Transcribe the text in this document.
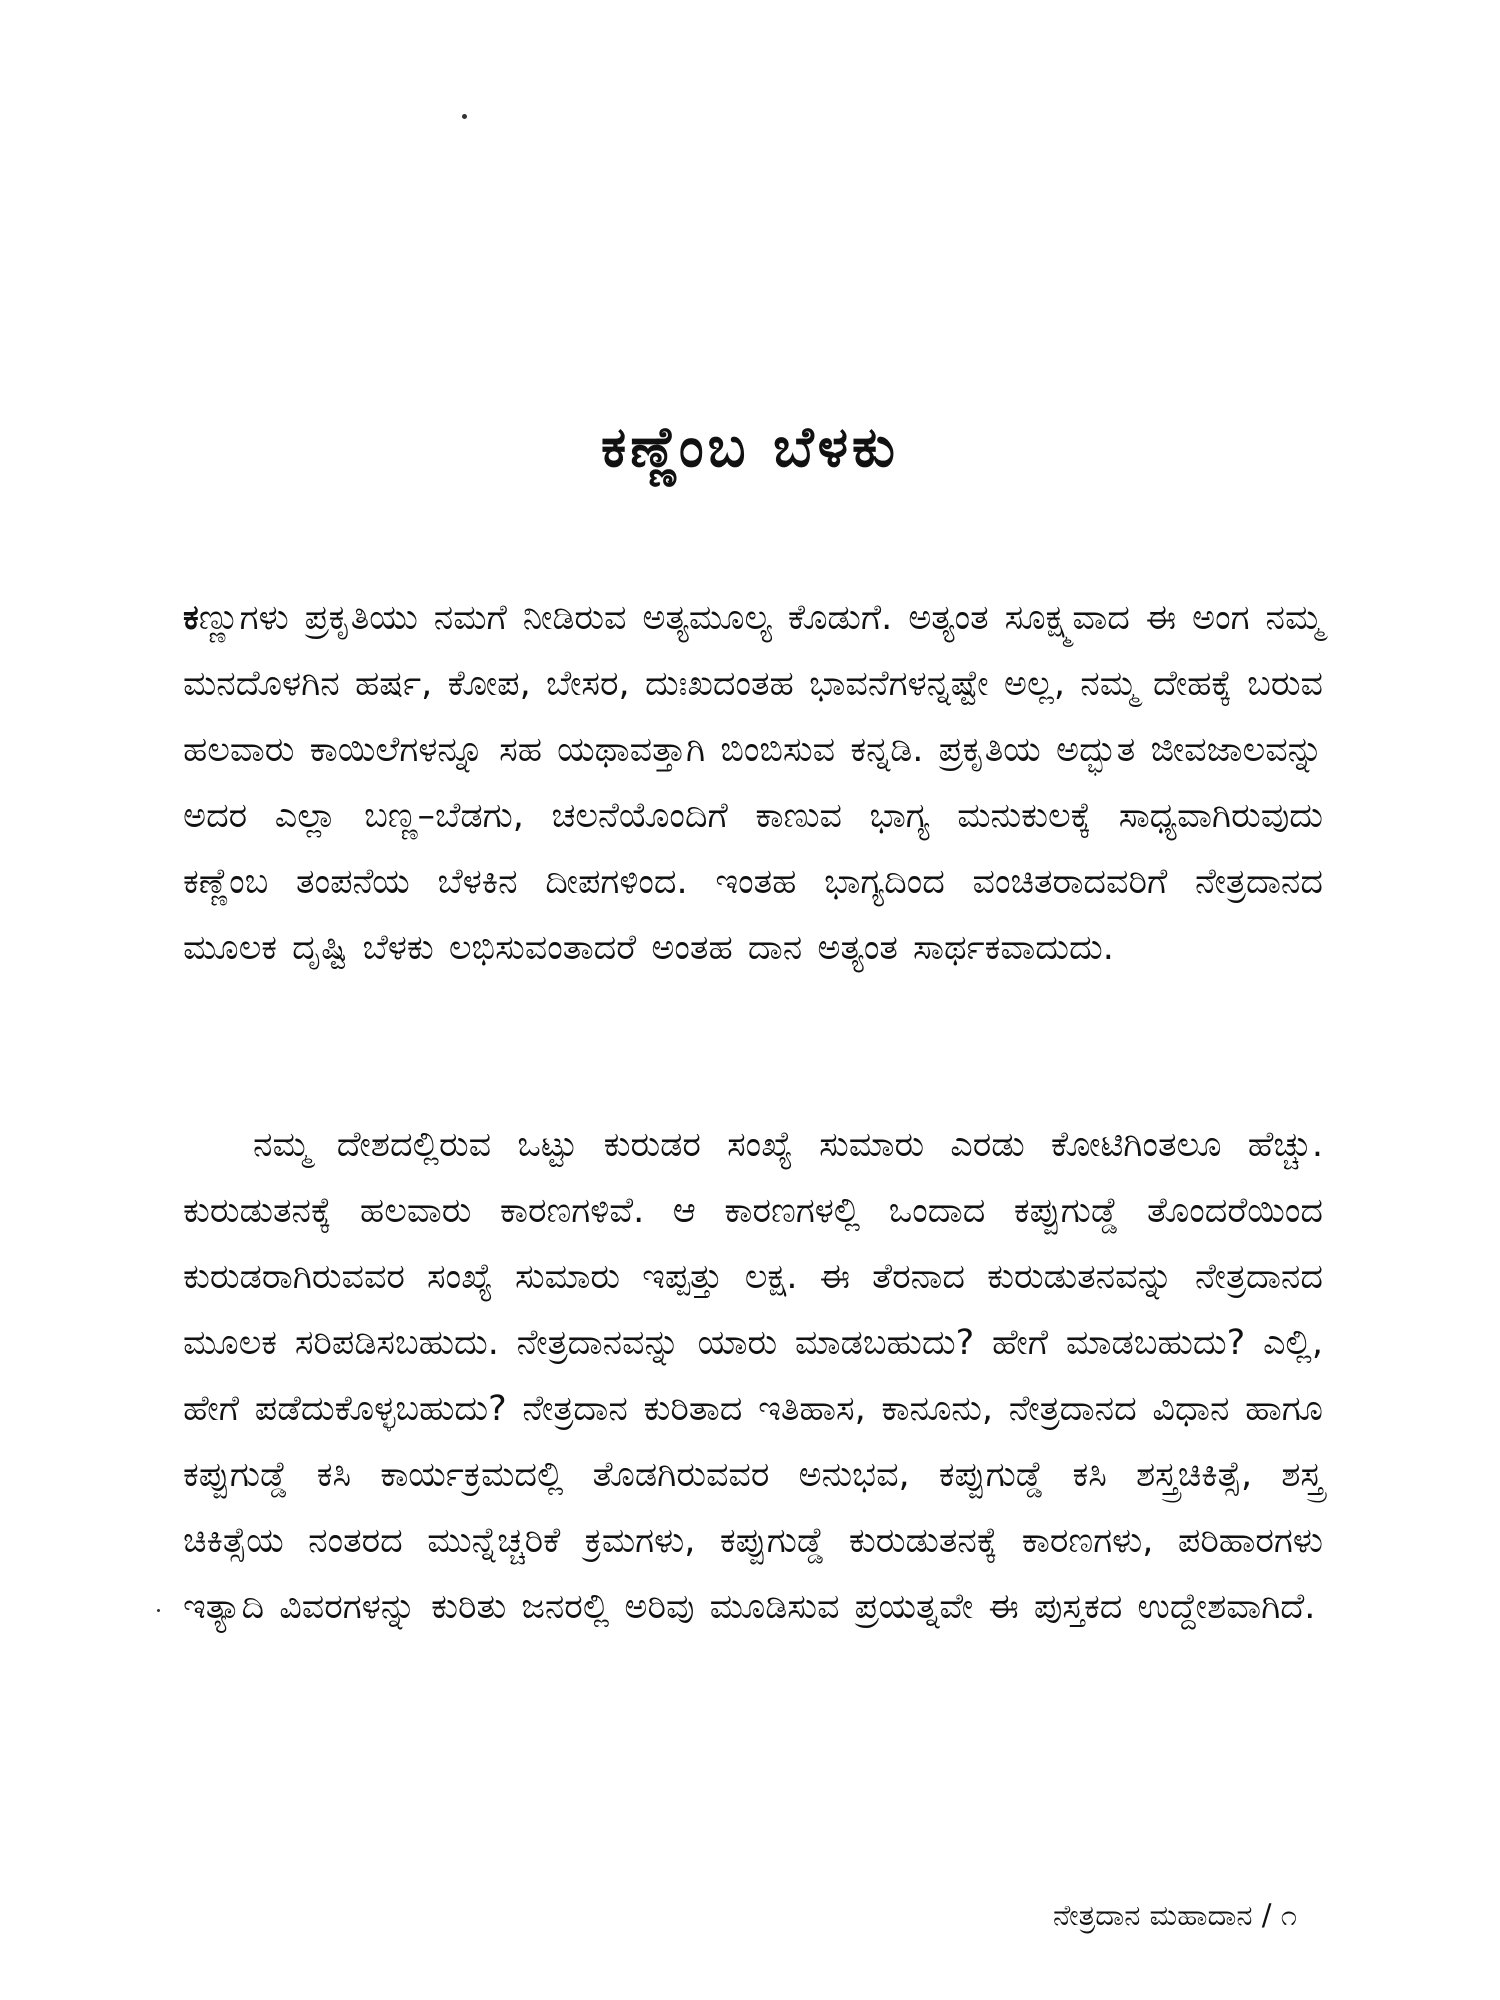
ಕಣ್ಣೆಂಬ ಬೆಳಕು

ಕಣ್ಣುಗಳು ಪ್ರಕೃತಿಯು ನಮಗೆ ನೀಡಿರುವ ಅತ್ಯಮೂಲ್ಯ ಕೊಡುಗೆ. ಅತ್ಯಂತ ಸೂಕ್ಷ್ಮವಾದ ಈ ಅಂಗ ನಮ್ಮ ಮನದೊಳಗಿನ ಹರ್ಷ, ಕೋಪ, ಬೇಸರ, ದುಃಖದಂತಹ ಭಾವನೆಗಳನ್ನಷ್ಟೇ ಅಲ್ಲ, ನಮ್ಮ ದೇಹಕ್ಕೆ ಬರುವ ಹಲವಾರು ಕಾಯಿಲೆಗಳನ್ನೂ ಸಹ ಯಥಾವತ್ತಾಗಿ ಬಿಂಬಿಸುವ ಕನ್ನಡಿ. ಪ್ರಕೃತಿಯ ಅದ್ಭುತ ಜೀವಜಾಲವನ್ನು ಅದರ ಎಲ್ಲಾ ಬಣ್ಣ–ಬೆಡಗು, ಚಲನೆಯೊಂದಿಗೆ ಕಾಣುವ ಭಾಗ್ಯ ಮನುಕುಲಕ್ಕೆ ಸಾಧ್ಯವಾಗಿರುವುದು ಕಣ್ಣೆಂಬ ತಂಪನೆಯ ಬೆಳಕಿನ ದೀಪಗಳಿಂದ. ಇಂತಹ ಭಾಗ್ಯದಿಂದ ವಂಚಿತರಾದವರಿಗೆ ನೇತ್ರದಾನದ ಮೂಲಕ ದೃಷ್ಟಿ ಬೆಳಕು ಲಭಿಸುವಂತಾದರೆ ಅಂತಹ ದಾನ ಅತ್ಯಂತ ಸಾರ್ಥಕವಾದುದು.

ನಮ್ಮ ದೇಶದಲ್ಲಿರುವ ಒಟ್ಟು ಕುರುಡರ ಸಂಖ್ಯೆ ಸುಮಾರು ಎರಡು ಕೋಟಿಗಿಂತಲೂ ಹೆಚ್ಚು. ಕುರುಡುತನಕ್ಕೆ ಹಲವಾರು ಕಾರಣಗಳಿವೆ. ಆ ಕಾರಣಗಳಲ್ಲಿ ಒಂದಾದ ಕಪ್ಪುಗುಡ್ಡೆ ತೊಂದರೆಯಿಂದ ಕುರುಡರಾಗಿರುವವರ ಸಂಖ್ಯೆ ಸುಮಾರು ಇಪ್ಪತ್ತು ಲಕ್ಷ. ಈ ತೆರನಾದ ಕುರುಡುತನವನ್ನು ನೇತ್ರದಾನದ ಮೂಲಕ ಸರಿಪಡಿಸಬಹುದು. ನೇತ್ರದಾನವನ್ನು ಯಾರು ಮಾಡಬಹುದು? ಹೇಗೆ ಮಾಡಬಹುದು? ಎಲ್ಲಿ, ಹೇಗೆ ಪಡೆದುಕೊಳ್ಳಬಹುದು? ನೇತ್ರದಾನ ಕುರಿತಾದ ಇತಿಹಾಸ, ಕಾನೂನು, ನೇತ್ರದಾನದ ವಿಧಾನ ಹಾಗೂ ಕಪ್ಪುಗುಡ್ಡೆ ಕಸಿ ಕಾರ್ಯಕ್ರಮದಲ್ಲಿ ತೊಡಗಿರುವವರ ಅನುಭವ, ಕಪ್ಪುಗುಡ್ಡೆ ಕಸಿ ಶಸ್ತ್ರಚಿಕಿತ್ಸೆ, ಶಸ್ತ್ರ ಚಿಕಿತ್ಸೆಯ ನಂತರದ ಮುನ್ನೆಚ್ಚರಿಕೆ ಕ್ರಮಗಳು, ಕಪ್ಪುಗುಡ್ಡೆ ಕುರುಡುತನಕ್ಕೆ ಕಾರಣಗಳು, ಪರಿಹಾರಗಳು ಇತ್ಯಾದಿ ವಿವರಗಳನ್ನು ಕುರಿತು ಜನರಲ್ಲಿ ಅರಿವು ಮೂಡಿಸುವ ಪ್ರಯತ್ನವೇ ಈ ಪುಸ್ತಕದ ಉದ್ದೇಶವಾಗಿದೆ.

ನೇತ್ರದಾನ ಮಹಾದಾನ / ೧
